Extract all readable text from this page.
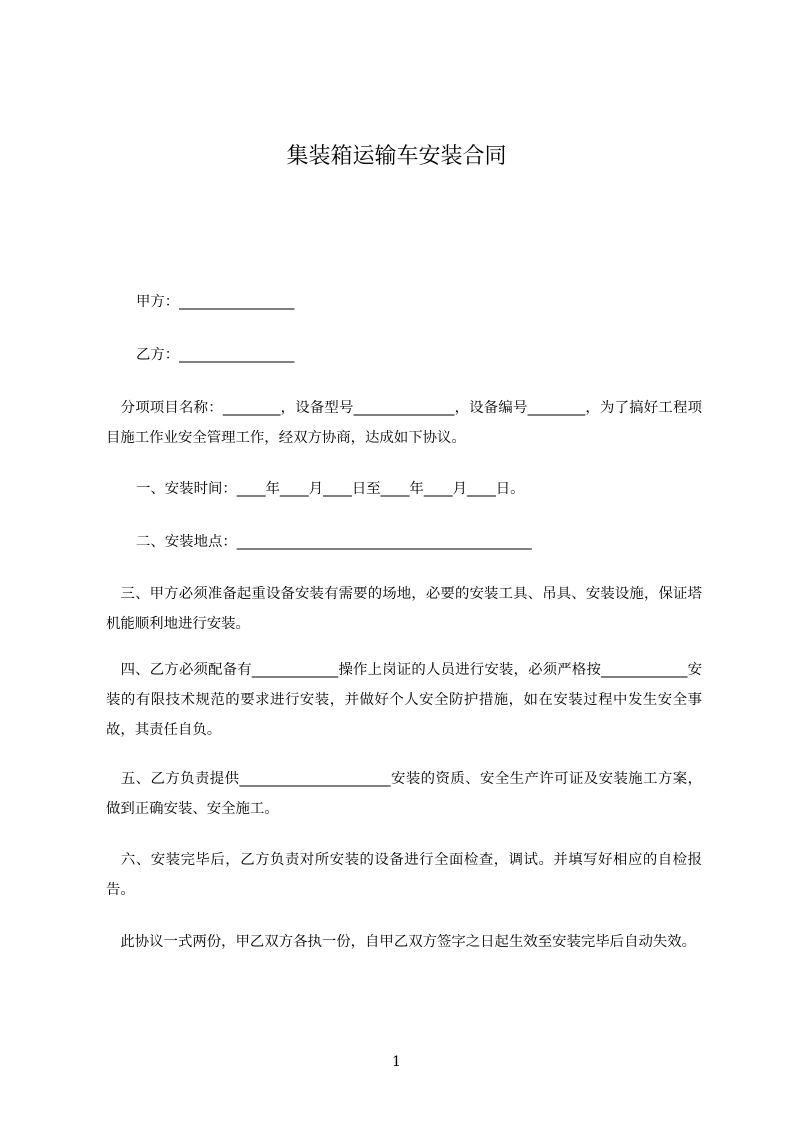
集装箱运输车安装合同
甲方：________________
乙方：________________
　分项项目名称：________，设备型号______________，设备编号________，为了搞好工程项目施工作业安全管理工作，经双方协商，达成如下协议。
一、安装时间：____年____月____日至____年____月____日。
二、安装地点：_________________________________________
　三、甲方必须准备起重设备安装有需要的场地，必要的安装工具、吊具、安装设施，保证塔机能顺利地进行安装。
　四、乙方必须配备有____________操作上岗证的人员进行安装，必须严格按____________安装的有限技术规范的要求进行安装，并做好个人安全防护措施，如在安装过程中发生安全事故，其责任自负。
　五、乙方负责提供_____________________安装的资质、安全生产许可证及安装施工方案，做到正确安装、安全施工。
　六、安装完毕后，乙方负责对所安装的设备进行全面检查，调试。并填写好相应的自检报告。
　此协议一式两份，甲乙双方各执一份，自甲乙双方签字之日起生效至安装完毕后自动失效。
1
